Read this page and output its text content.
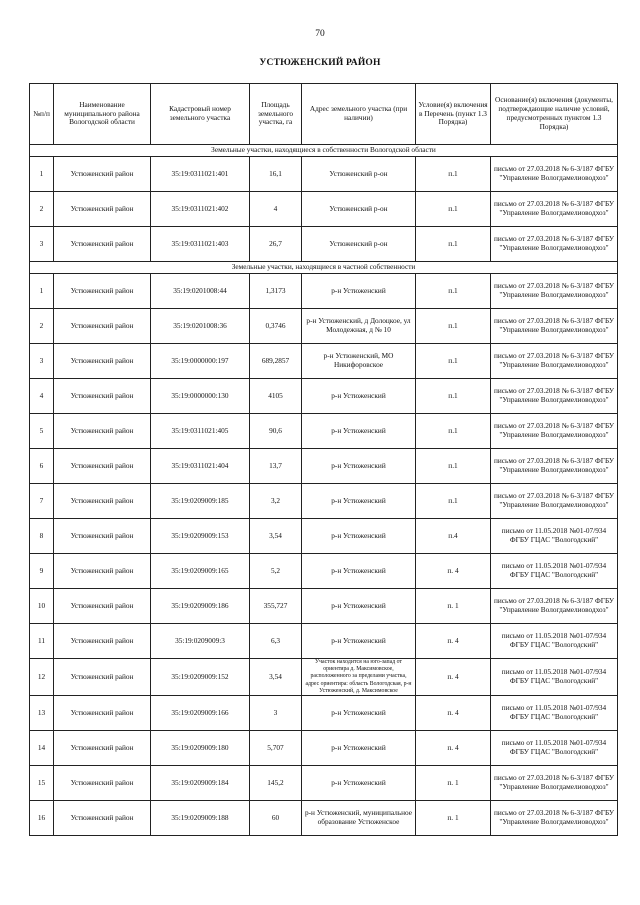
70
УСТЮЖЕНСКИЙ РАЙОН
№п/п	Наименование муниципального района Вологодской области	Кадастровый номер земельного участка	Площадь земельного участка, га	Адрес земельного участка (при наличии)	Условие(я) включения в Перечень (пункт 1.3 Порядка)	Основание(я) включения (документы, подтверждающие наличие условий, предусмотренных пунктом 1.3 Порядка)
Земельные участки, находящиеся в собственности Вологодской области						
1	Устюженский район	35:19:0311021:401	16,1	Устюженский р-он	п.1	письмо от 27.03.2018 № 6-3/187 ФГБУ "Управление Вологдамелиоводхоз"
2	Устюженский район	35:19:0311021:402	4	Устюженский р-он	п.1	письмо от 27.03.2018 № 6-3/187 ФГБУ "Управление Вологдамелиоводхоз"
3	Устюженский район	35:19:0311021:403	26,7	Устюженский р-он	п.1	письмо от 27.03.2018 № 6-3/187 ФГБУ "Управление Вологдамелиоводхоз"
Земельные участки, находящиеся в частной собственности						
1	Устюженский район	35:19:0201008:44	1,3173	р-н Устюженский	п.1	письмо от 27.03.2018 № 6-3/187 ФГБУ "Управление Вологдамелиоводхоз"
2	Устюженский район	35:19:0201008:36	0,3746	р-н Устюженский, д Долоцкое, ул Молодежная, д № 10	п.1	письмо от 27.03.2018 № 6-3/187 ФГБУ "Управление Вологдамелиоводхоз"
3	Устюженский район	35:19:0000000:197	689,2857	р-н Устюженский, МО Никифоровское	п.1	письмо от 27.03.2018 № 6-3/187 ФГБУ "Управление Вологдамелиоводхоз"
4	Устюженский район	35:19:0000000:130	4105	р-н Устюженский	п.1	письмо от 27.03.2018 № 6-3/187 ФГБУ "Управление Вологдамелиоводхоз"
5	Устюженский район	35:19:0311021:405	90,6	р-н Устюженский	п.1	письмо от 27.03.2018 № 6-3/187 ФГБУ "Управление Вологдамелиоводхоз"
6	Устюженский район	35:19:0311021:404	13,7	р-н Устюженский	п.1	письмо от 27.03.2018 № 6-3/187 ФГБУ "Управление Вологдамелиоводхоз"
7	Устюженский район	35:19:0209009:185	3,2	р-н Устюженский	п.1	письмо от 27.03.2018 № 6-3/187 ФГБУ "Управление Вологдамелиоводхоз"
8	Устюженский район	35:19:0209009:153	3,54	р-н Устюженский	п.4	письмо от 11.05.2018 №01-07/934 ФГБУ ГЦАС "Вологодский"
9	Устюженский район	35:19:0209009:165	5,2	р-н Устюженский	п. 4	письмо от 11.05.2018 №01-07/934 ФГБУ ГЦАС "Вологодский"
10	Устюженский район	35:19:0209009:186	355,727	р-н Устюженский	п. 1	письмо от 27.03.2018 № 6-3/187 ФГБУ "Управление Вологдамелиоводхоз"
11	Устюженский район	35:19:0209009:3	6,3	р-н Устюженский	п. 4	письмо от 11.05.2018 №01-07/934 ФГБУ ГЦАС "Вологодский"
12	Устюженский район	35:19:0209009:152	3,54	Участок находится на юго-запад от ориентира д. Максимовское, расположенного за пределами участка, адрес ориентира: область Вологодская, р-н Устюженский, д. Максимовское	п. 4	письмо от 11.05.2018 №01-07/934 ФГБУ ГЦАС "Вологодский"
13	Устюженский район	35:19:0209009:166	3	р-н Устюженский	п. 4	письмо от 11.05.2018 №01-07/934 ФГБУ ГЦАС "Вологодский"
14	Устюженский район	35:19:0209009:180	5,707	р-н Устюженский	п. 4	письмо от 11.05.2018 №01-07/934 ФГБУ ГЦАС "Вологодский"
15	Устюженский район	35:19:0209009:184	145,2	р-н Устюженский	п. 1	письмо от 27.03.2018 № 6-3/187 ФГБУ "Управление Вологдамелиоводхоз"
16	Устюженский район	35:19:0209009:188	60	р-н Устюженский, муниципальное образование Устюженское	п. 1	письмо от 27.03.2018 № 6-3/187 ФГБУ "Управление Вологдамелиоводхоз"
